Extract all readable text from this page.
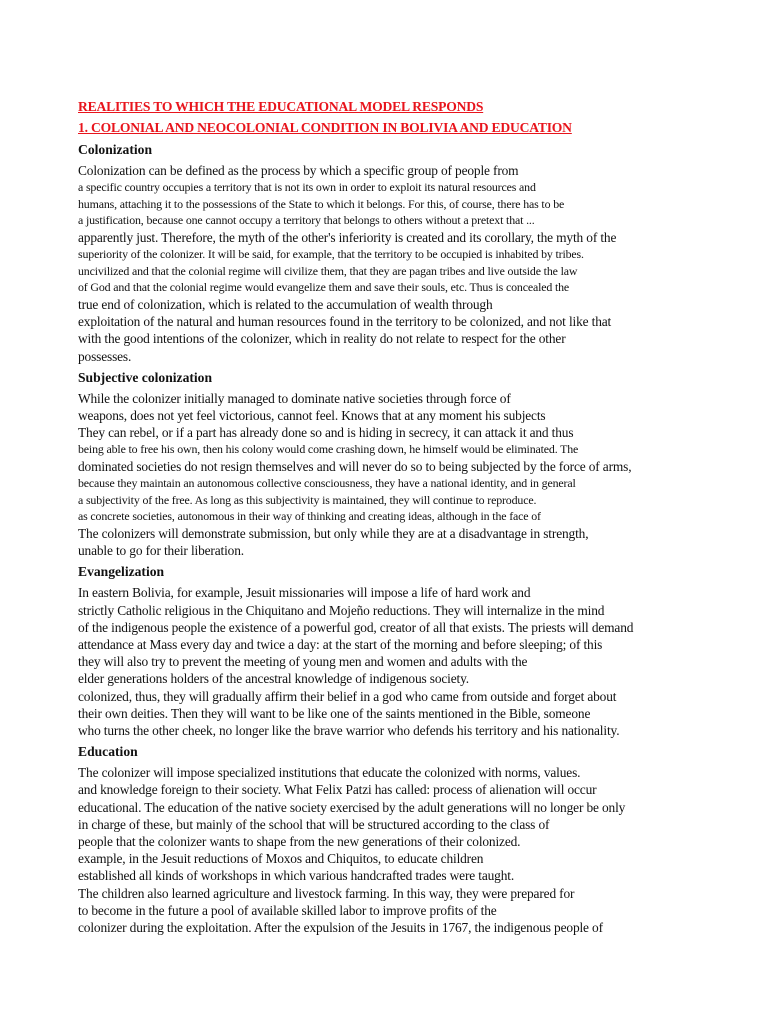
REALITIES TO WHICH THE EDUCATIONAL MODEL RESPONDS
1. COLONIAL AND NEOCOLONIAL CONDITION IN BOLIVIA AND EDUCATION
Colonization
Colonization can be defined as the process by which a specific group of people from
a specific country occupies a territory that is not its own in order to exploit its natural resources and
humans, attaching it to the possessions of the State to which it belongs. For this, of course, there has to be
a justification, because one cannot occupy a territory that belongs to others without a pretext that ...
apparently just. Therefore, the myth of the other's inferiority is created and its corollary, the myth of the
superiority of the colonizer. It will be said, for example, that the territory to be occupied is inhabited by tribes.
uncivilized and that the colonial regime will civilize them, that they are pagan tribes and live outside the law
of God and that the colonial regime would evangelize them and save their souls, etc. Thus is concealed the
true end of colonization, which is related to the accumulation of wealth through
exploitation of the natural and human resources found in the territory to be colonized, and not like that
with the good intentions of the colonizer, which in reality do not relate to respect for the other
possesses.
Subjective colonization
While the colonizer initially managed to dominate native societies through force of
weapons, does not yet feel victorious, cannot feel. Knows that at any moment his subjects
They can rebel, or if a part has already done so and is hiding in secrecy, it can attack it and thus
being able to free his own, then his colony would come crashing down, he himself would be eliminated. The
dominated societies do not resign themselves and will never do so to being subjected by the force of arms,
because they maintain an autonomous collective consciousness, they have a national identity, and in general
a subjectivity of the free. As long as this subjectivity is maintained, they will continue to reproduce.
as concrete societies, autonomous in their way of thinking and creating ideas, although in the face of
The colonizers will demonstrate submission, but only while they are at a disadvantage in strength,
unable to go for their liberation.
Evangelization
In eastern Bolivia, for example, Jesuit missionaries will impose a life of hard work and
strictly Catholic religious in the Chiquitano and Mojeño reductions. They will internalize in the mind
of the indigenous people the existence of a powerful god, creator of all that exists. The priests will demand
attendance at Mass every day and twice a day: at the start of the morning and before sleeping; of this
they will also try to prevent the meeting of young men and women and adults with the
elder generations holders of the ancestral knowledge of indigenous society.
colonized, thus, they will gradually affirm their belief in a god who came from outside and forget about
their own deities. Then they will want to be like one of the saints mentioned in the Bible, someone
who turns the other cheek, no longer like the brave warrior who defends his territory and his nationality.
Education
The colonizer will impose specialized institutions that educate the colonized with norms, values.
and knowledge foreign to their society. What Felix Patzi has called: process of alienation will occur
educational. The education of the native society exercised by the adult generations will no longer be only
in charge of these, but mainly of the school that will be structured according to the class of
people that the colonizer wants to shape from the new generations of their colonized.
example, in the Jesuit reductions of Moxos and Chiquitos, to educate children
established all kinds of workshops in which various handcrafted trades were taught.
The children also learned agriculture and livestock farming. In this way, they were prepared for
to become in the future a pool of available skilled labor to improve profits of the
colonizer during the exploitation. After the expulsion of the Jesuits in 1767, the indigenous people of
